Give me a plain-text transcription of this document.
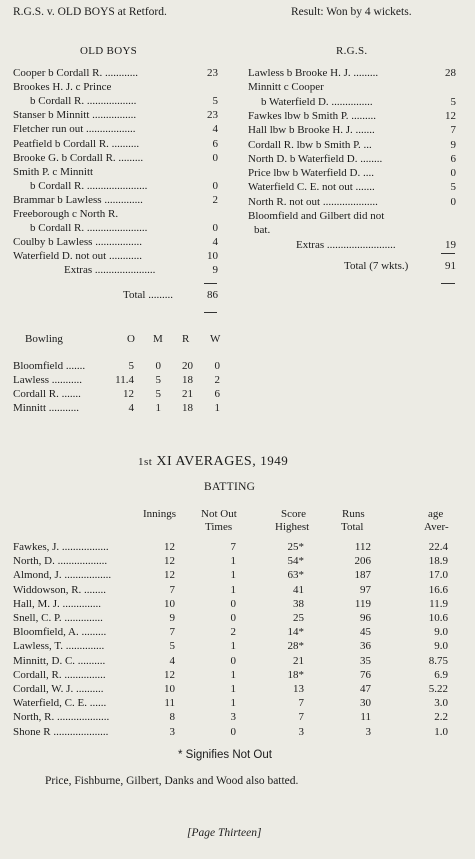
R.G.S. v. OLD BOYS at Retford.	Result: Won by 4 wickets.
OLD BOYS
Cooper b Cordall R. ............	23
Brookes H. J. c Prince
b Cordall R. ..................	5
Stanser b Minnitt ................	23
Fletcher run out ..................	4
Peatfield b Cordall R. ..........	6
Brooke G. b Cordall R. .........	0
Smith P. c Minnitt
b Cordall R. ......................	0
Brammar b Lawless ..............	2
Freeborough c North R.
b Cordall R. ......................	0
Coulby b Lawless .................	4
Waterfield D. not out ............	10
Extras ......................	9
Total .........	86
R.G.S.
Lawless b Brooke H. J. .........	28
Minnitt c Cooper
b Waterfield D. ...............	5
Fawkes lbw b Smith P. .........	12
Hall lbw b Brooke H. J. .......	7
Cordall R. lbw b Smith P. ...	9
North D. b Waterfield D. ........	6
Price lbw b Waterfield D. ....	0
Waterfield C. E. not out .......	5
North R. not out ....................	0
Bloomfield and Gilbert did not
bat.
Extras .........................	19
Total (7 wkts.)	91
Bowling	O M R W
Bloomfield .......	5	0	20	0
Lawless ...........	11.4	5	18	2
Cordall R. .......	12	5	21	6
Minnitt ...........	4	1	18	1
1st XI AVERAGES, 1949
BATTING
Innings Not Out
Times
Score
Highest
Runs
Total
age
Aver-
Fawkes, J. .................	12	7	25*	112	22.4
North, D. ..................	12	1	54*	206	18.9
Almond, J. .................	12	1	63*	187	17.0
Widdowson, R. ........	7	1	41	97	16.6
Hall, M. J. ..............	10	0	38	119	11.9
Snell, C. P. ..............	9	0	25	96	10.6
Bloomfield, A. .........	7	2	14*	45	9.0
Lawless, T. ..............	5	1	28*	36	9.0
Minnitt, D. C. ..........	4	0	21	35	8.75
Cordall, R. ...............	12	1	18*	76	6.9
Cordall, W. J. ..........	10	1	13	47	5.22
Waterfield, C. E. ......	11	1	7	30	3.0
North, R. ...................	8	3	7	11	2.2
Shone R ....................	3	0	3	3	1.0
* Signifies Not Out
Price, Fishburne, Gilbert, Danks and Wood also batted.
[Page Thirteen]
